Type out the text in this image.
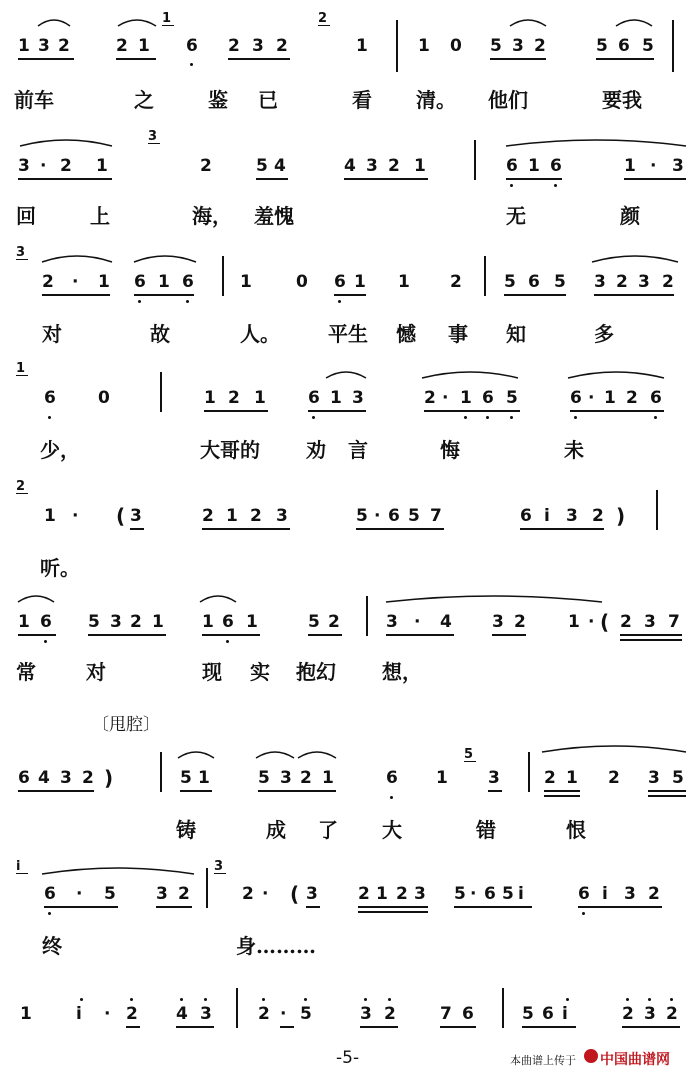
1 3 2	2 1 6 2 3 2	1	1 0 5 3 2	5 6 5
1	2
前车	之	鉴 已	看 清。 他们	要我
3 · 2 1	2	5 4	4 3 2 1	6 1 6	1 · 3
3
回	上	海， 羞愧	无	颜
2 · 1 6 1 6	1	0 6 1 1 2 5 6 5 3 2 3 2
3
对	故	人。 平生 憾 事 知	多
6 0	1 2 1 6 1 3	2 · 1 6 5	6 · 1 2 6
1
少，	大哥的 劝 言	悔	未
1 · ( 3	2 1 2 3	5 · 6 5 7	6 i 3 2 )
2
听。
1 6 5 3 2 1 1 6 1	5 2	3 · 4 3 2 1 · ( 2 3 7
常	对	现 实 抱幻 想，
〔甩腔〕
6 4 3 2 )	5 1	5 3 2 1	6 1 3	2 1 2 3 5
5
铸	成 了 大	错	恨
6 · 5 3 2	2 · ( 3 2 1 2 3 5 · 6 5 i	6 i 3 2
i	3
终	身………
1	i · 2 4 3	2 · 5	3 2	7 6	5 6 i	2 3 2
-5-	本曲谱上传于 中国曲谱网
